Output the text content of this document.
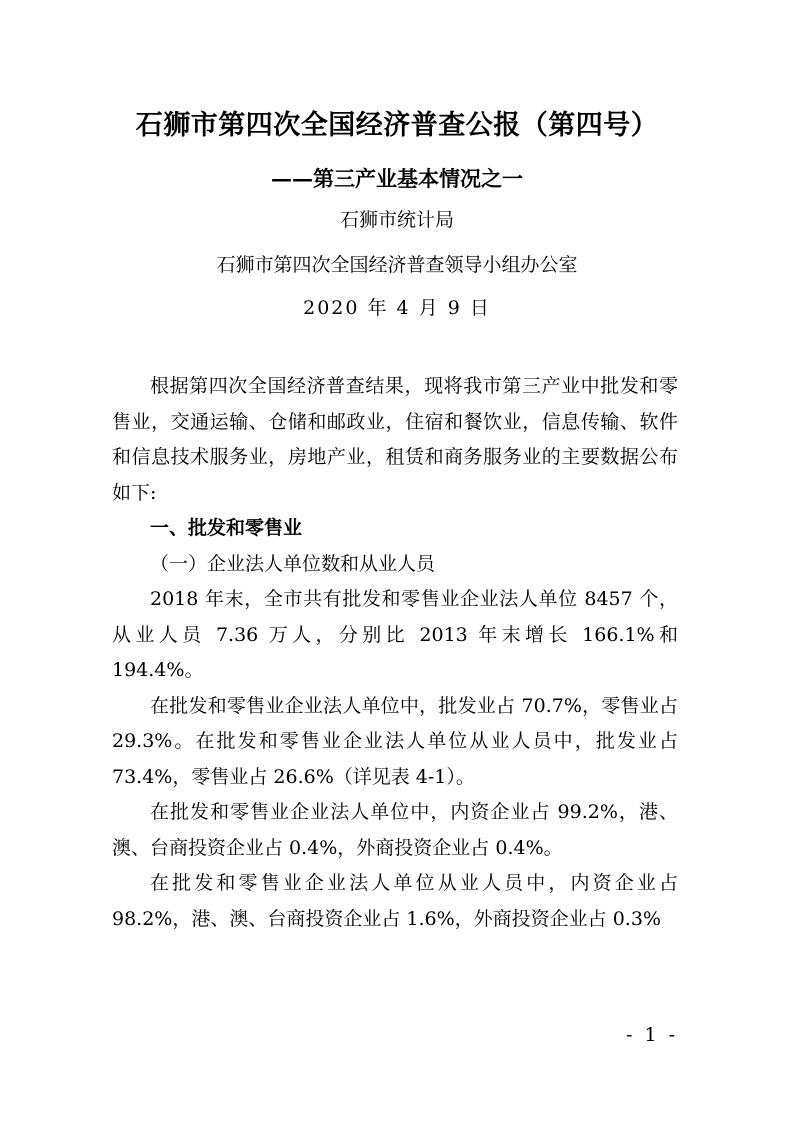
石狮市第四次全国经济普查公报（第四号）
——第三产业基本情况之一
石狮市统计局
石狮市第四次全国经济普查领导小组办公室
2020 年 4 月 9 日

根据第四次全国经济普查结果，现将我市第三产业中批发和零售业，交通运输、仓储和邮政业，住宿和餐饮业，信息传输、软件和信息技术服务业，房地产业，租赁和商务服务业的主要数据公布如下:

一、批发和零售业
（一）企业法人单位数和从业人员

2018 年末，全市共有批发和零售业企业法人单位 8457 个，从业人员 7.36 万人，分别比 2013 年末增长 166.1%和 194.4%。

在批发和零售业企业法人单位中，批发业占 70.7%，零售业占 29.3%。在批发和零售业企业法人单位从业人员中，批发业占 73.4%，零售业占 26.6%（详见表 4-1）。

在批发和零售业企业法人单位中，内资企业占 99.2%，港、澳、台商投资企业占 0.4%，外商投资企业占 0.4%。

在批发和零售业企业法人单位从业人员中，内资企业占 98.2%，港、澳、台商投资企业占 1.6%，外商投资企业占 0.3%

- 1 -
